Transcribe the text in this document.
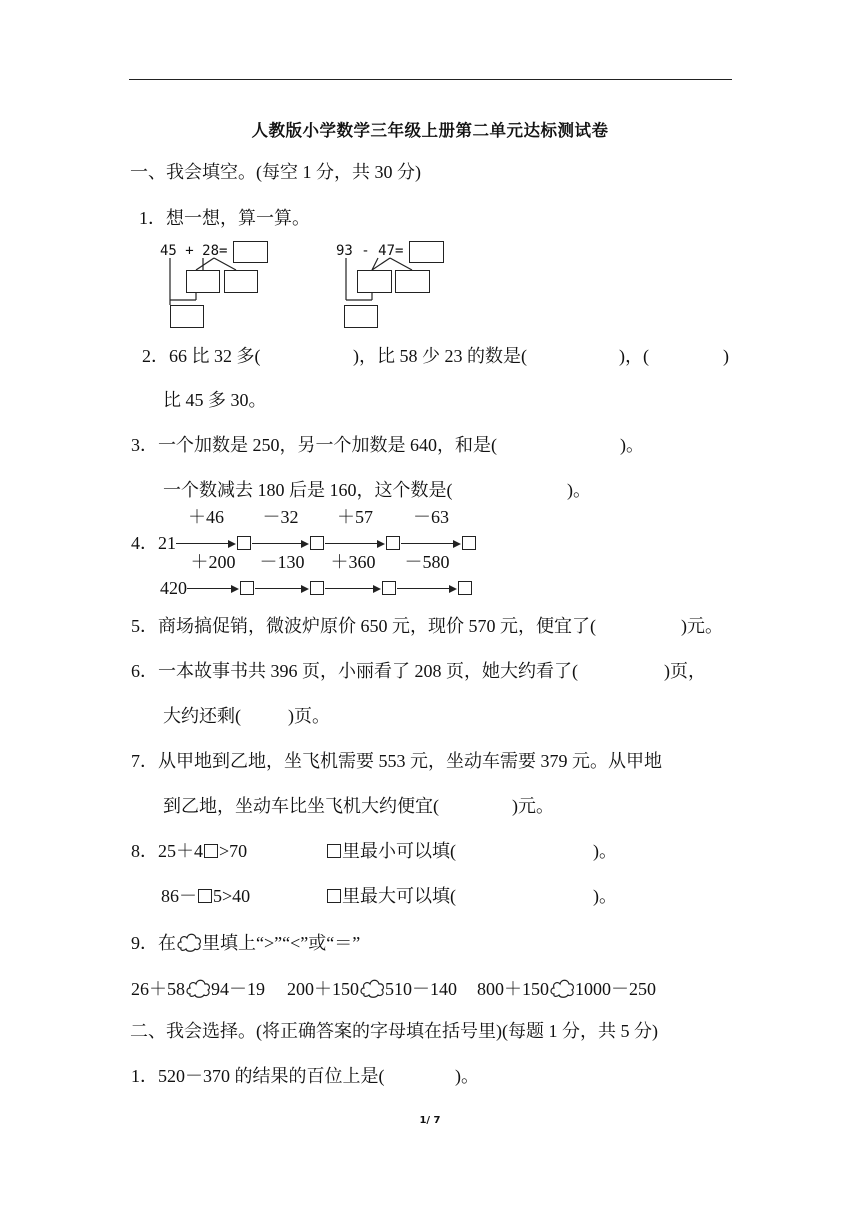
人教版小学数学三年级上册第二单元达标测试卷
一、我会填空。(每空 1 分，共 30 分)
1．想一想，算一算。
45 + 28=	93 - 47=
2．66 比 32 多(	)，比 58 少 23 的数是(	)，(	)
比 45 多 30。
3．一个加数是 250，另一个加数是 640，和是(	)。
一个数减去 180 后是 160，这个数是(	)。
4．21
＋46	－32	＋57	－63
420
＋200 －130	＋360	－580
5．商场搞促销，微波炉原价 650 元，现价 570 元，便宜了(	)元。
6．一本故事书共 396 页，小丽看了 208 页，她大约看了(	)页，
大约还剩(	)页。
7．从甲地到乙地，坐飞机需要 553 元，坐动车需要 379 元。从甲地
到乙地，坐动车比坐飞机大约便宜(	)元。
8．25＋4 >70	里最小可以填(	)。
86－ 5>40	里最大可以填(	)。
9．在 里填上“>”“<”或“＝”
26＋58 94－19 200＋150 510－140 800＋150 1000－250
二、我会选择。(将正确答案的字母填在括号里)(每题 1 分，共 5 分)
1．520－370 的结果的百位上是(	)。
1/ 7
